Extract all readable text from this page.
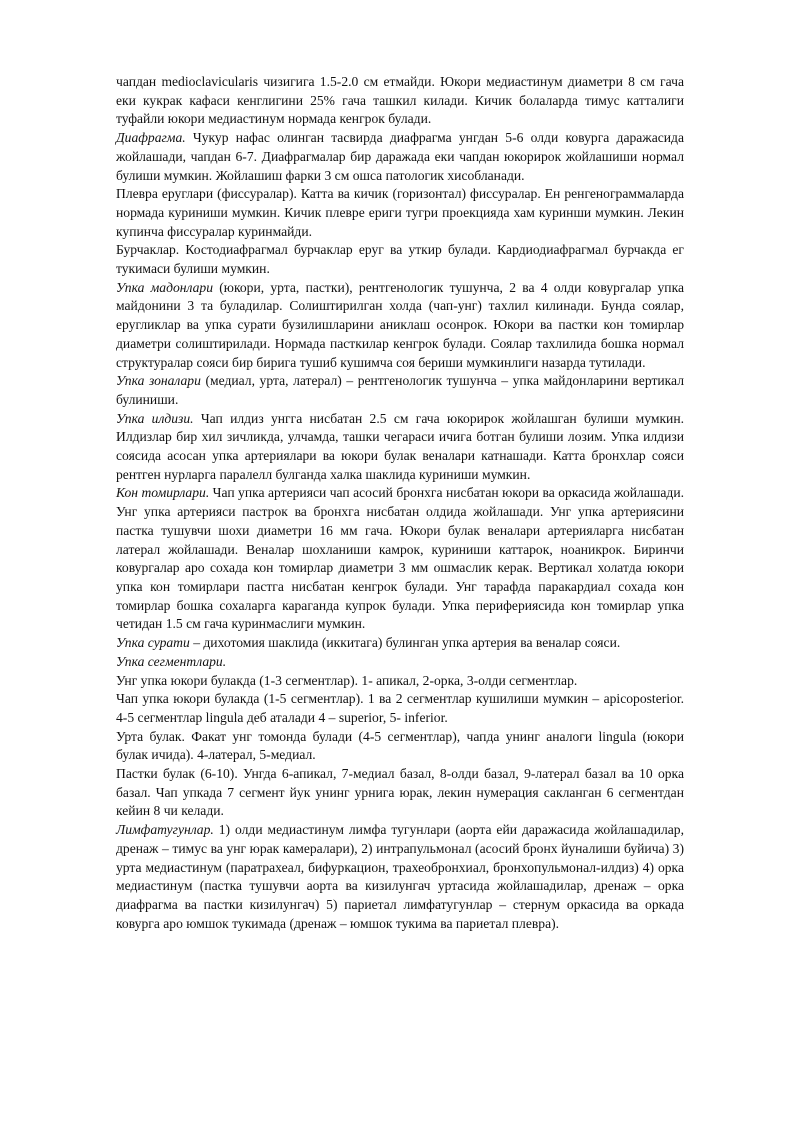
чапдан medioclavicularis чизигига 1.5-2.0 см етмайди. Юкори медиастинум диаметри 8 см гача еки кукрак кафаси кенглигини 25% гача ташкил килади. Кичик болаларда тимус катталиги туфайли юкори медиастинум нормада кенгрок булади.

Диафрагма. Чукур нафас олинган тасвирда диафрагма унгдан 5-6 олди ковурга даражасида жойлашади, чапдан 6-7. Диафрагмалар бир даражада еки чапдан юкорирок жойлашиши нормал булиши мумкин. Жойлашиш фарки 3 см ошса патологик хисобланади.

Плевра еруглари (фиссуралар). Катта ва кичик (горизонтал) фиссуралар. Ен ренгенограммаларда нормада куриниши мумкин. Кичик плевре ериги тугри проекцияда хам куринши мумкин. Лекин купинча фиссуралар куринмайди.

Бурчаклар. Костодиафрагмал бурчаклар еруг ва уткир булади. Кардиодиафрагмал бурчакда ег тукимаси булиши мумкин.

Упка мадонлари (юкори, урта, пастки), рентгенологик тушунча, 2 ва 4 олди ковургалар упка майдонини 3 та буладилар. Солиштирилган холда (чап-унг) тахлил килинади. Бунда соялар, еругликлар ва упка сурати бузилишларини аниклаш осонрок. Юкори ва пастки кон томирлар диаметри солиштирилади. Нормада пасткилар кенгрок булади. Соялар тахлилида бошка нормал структуралар сояси бир бирига тушиб кушимча соя бериши мумкинлиги назарда тутилади.

Упка зоналари (медиал, урта, латерал) – рентгенологик тушунча – упка майдонларини вертикал булиниши.

Упка илдизи. Чап илдиз унгга нисбатан 2.5 см гача юкорирок жойлашган булиши мумкин. Илдизлар бир хил зичликда, улчамда, ташки чегараси ичига ботган булиши лозим. Упка илдизи соясида асосан упка артериялари ва юкори булак веналари катнашади. Катта бронхлар сояси рентген нурларга паралелл булганда халка шаклида куриниши мумкин.

Кон томирлари. Чап упка артерияси чап асосий бронхга нисбатан юкори ва оркасида жойлашади. Унг упка артерияси пастрок ва бронхга нисбатан олдида жойлашади. Унг упка артериясини пастка тушувчи шохи диаметри 16 мм гача. Юкори булак веналари артерияларга нисбатан латерал жойлашади. Веналар шохланиши камрок, куриниши каттарок, ноаникрок. Биринчи ковургалар аро сохада кон томирлар диаметри 3 мм ошмаслик керак. Вертикал холатда юкори упка кон томирлари пастга нисбатан кенгрок булади. Унг тарафда паракардиал сохада кон томирлар бошка сохаларга караганда купрок булади. Упка периферияcида кон томирлар упка четидан 1.5 см гача куринмаслиги мумкин.

Упка сурати – дихотомия шаклида (иккитага) булинган упка артерия ва веналар сояси.

Упка сегментлари.

Унг упка юкори булакда (1-3 сегментлар). 1- апикал, 2-орка, 3-олди сегментлар.

Чап упка юкори булакда (1-5 сегментлар). 1 ва 2 сегментлар кушилиши мумкин – apicoposterior. 4-5 сегментлар lingula деб аталади 4 – superior, 5- inferior.

Урта булак. Факат унг томонда булади (4-5 сегментлар), чапда унинг аналоги lingula (юкори булак ичида). 4-латерал, 5-медиал.

Пастки булак (6-10). Унгда 6-апикал, 7-медиал базал, 8-олди базал, 9-латерал базал ва 10 орка базал. Чап упкада 7 сегмент йук унинг урнига юрак, лекин нумерация сакланган 6 сегментдан кейин 8 чи келади.

Лимфатугунлар. 1) олди медиастинум лимфа тугунлари (аорта ейи даражасида жойлашадилар, дренаж – тимус ва унг юрак камералари), 2) интрапульмонал (асосий бронх йуналиши буйича) 3) урта медиастинум (паратрахеал, бифуркацион, трахеобронхиал, бронхопульмонал-илдиз) 4) орка медиастинум (пастка тушувчи аорта ва кизилунгач уртасида жойлашадилар, дренаж – орка диафрагма ва пастки кизилунгач) 5) париетал лимфатугунлар – стернум оркасида ва оркада ковурга аро юмшок тукимада (дренаж – юмшок тукима ва париетал плевра).
